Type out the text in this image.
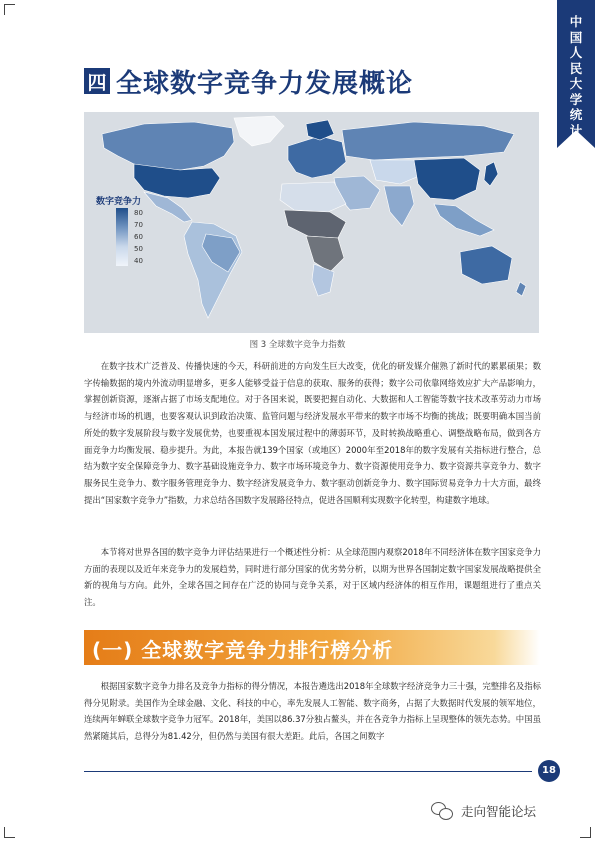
中国人民大学统计学院
四 全球数字竞争力发展概论
数字竞争力
80
70
60
50
40
图 3 全球数字竞争力指数

在数字技术广泛普及、传播快速的今天，科研前进的方向发生巨大改变，优化的研发媒介催熟了新时代的累累硕果；数字传输数据的境内外流动明显增多，更多人能够受益于信息的获取、服务的获得；数字公司依靠网络效应扩大产品影响力，掌握创新资源，逐渐占据了市场支配地位。对于各国来说，既要把握自动化、大数据和人工智能等数字技术改革劳动力市场与经济市场的机遇，也要客观认识到政治决策、监管问题与经济发展水平带来的数字市场不均衡的挑战；既要明确本国当前所处的数字发展阶段与数字发展优势，也要重视本国发展过程中的薄弱环节，及时转换战略重心、调整战略布局，做到各方面竞争力均衡发展、稳步提升。为此，本报告就139个国家（或地区）2000年至2018年的数字发展有关指标进行整合，总结为数字安全保障竞争力、数字基础设施竞争力、数字市场环境竞争力、数字资源使用竞争力、数字资源共享竞争力、数字服务民生竞争力、数字服务管理竞争力、数字经济发展竞争力、数字驱动创新竞争力、数字国际贸易竞争力十大方面，最终提出“国家数字竞争力”指数，力求总结各国数字发展路径特点，促进各国顺利实现数字化转型，构建数字地球。

本节将对世界各国的数字竞争力评估结果进行一个概述性分析：从全球范围内观察2018年不同经济体在数字国家竞争力方面的表现以及近年来竞争力的发展趋势，同时进行部分国家的优劣势分析，以期为世界各国制定数字国家发展战略提供全新的视角与方向。此外，全球各国之间存在广泛的协同与竞争关系，对于区域内经济体的相互作用，课题组进行了重点关注。

(一) 全球数字竞争力排行榜分析

根据国家数字竞争力排名及竞争力指标的得分情况，本报告遴选出2018年全球数字经济竞争力三十强，完整排名及指标得分见附录。美国作为全球金融、文化、科技的中心，率先发展人工智能、数字商务，占据了大数据时代发展的领军地位，连续两年蝉联全球数字竞争力冠军。2018年，美国以86.37分独占鳌头，并在各竞争力指标上呈现整体的领先态势。中国虽然紧随其后，总得分为81.42分，但仍然与美国有很大差距。此后，各国之间数字

18
走向智能论坛
